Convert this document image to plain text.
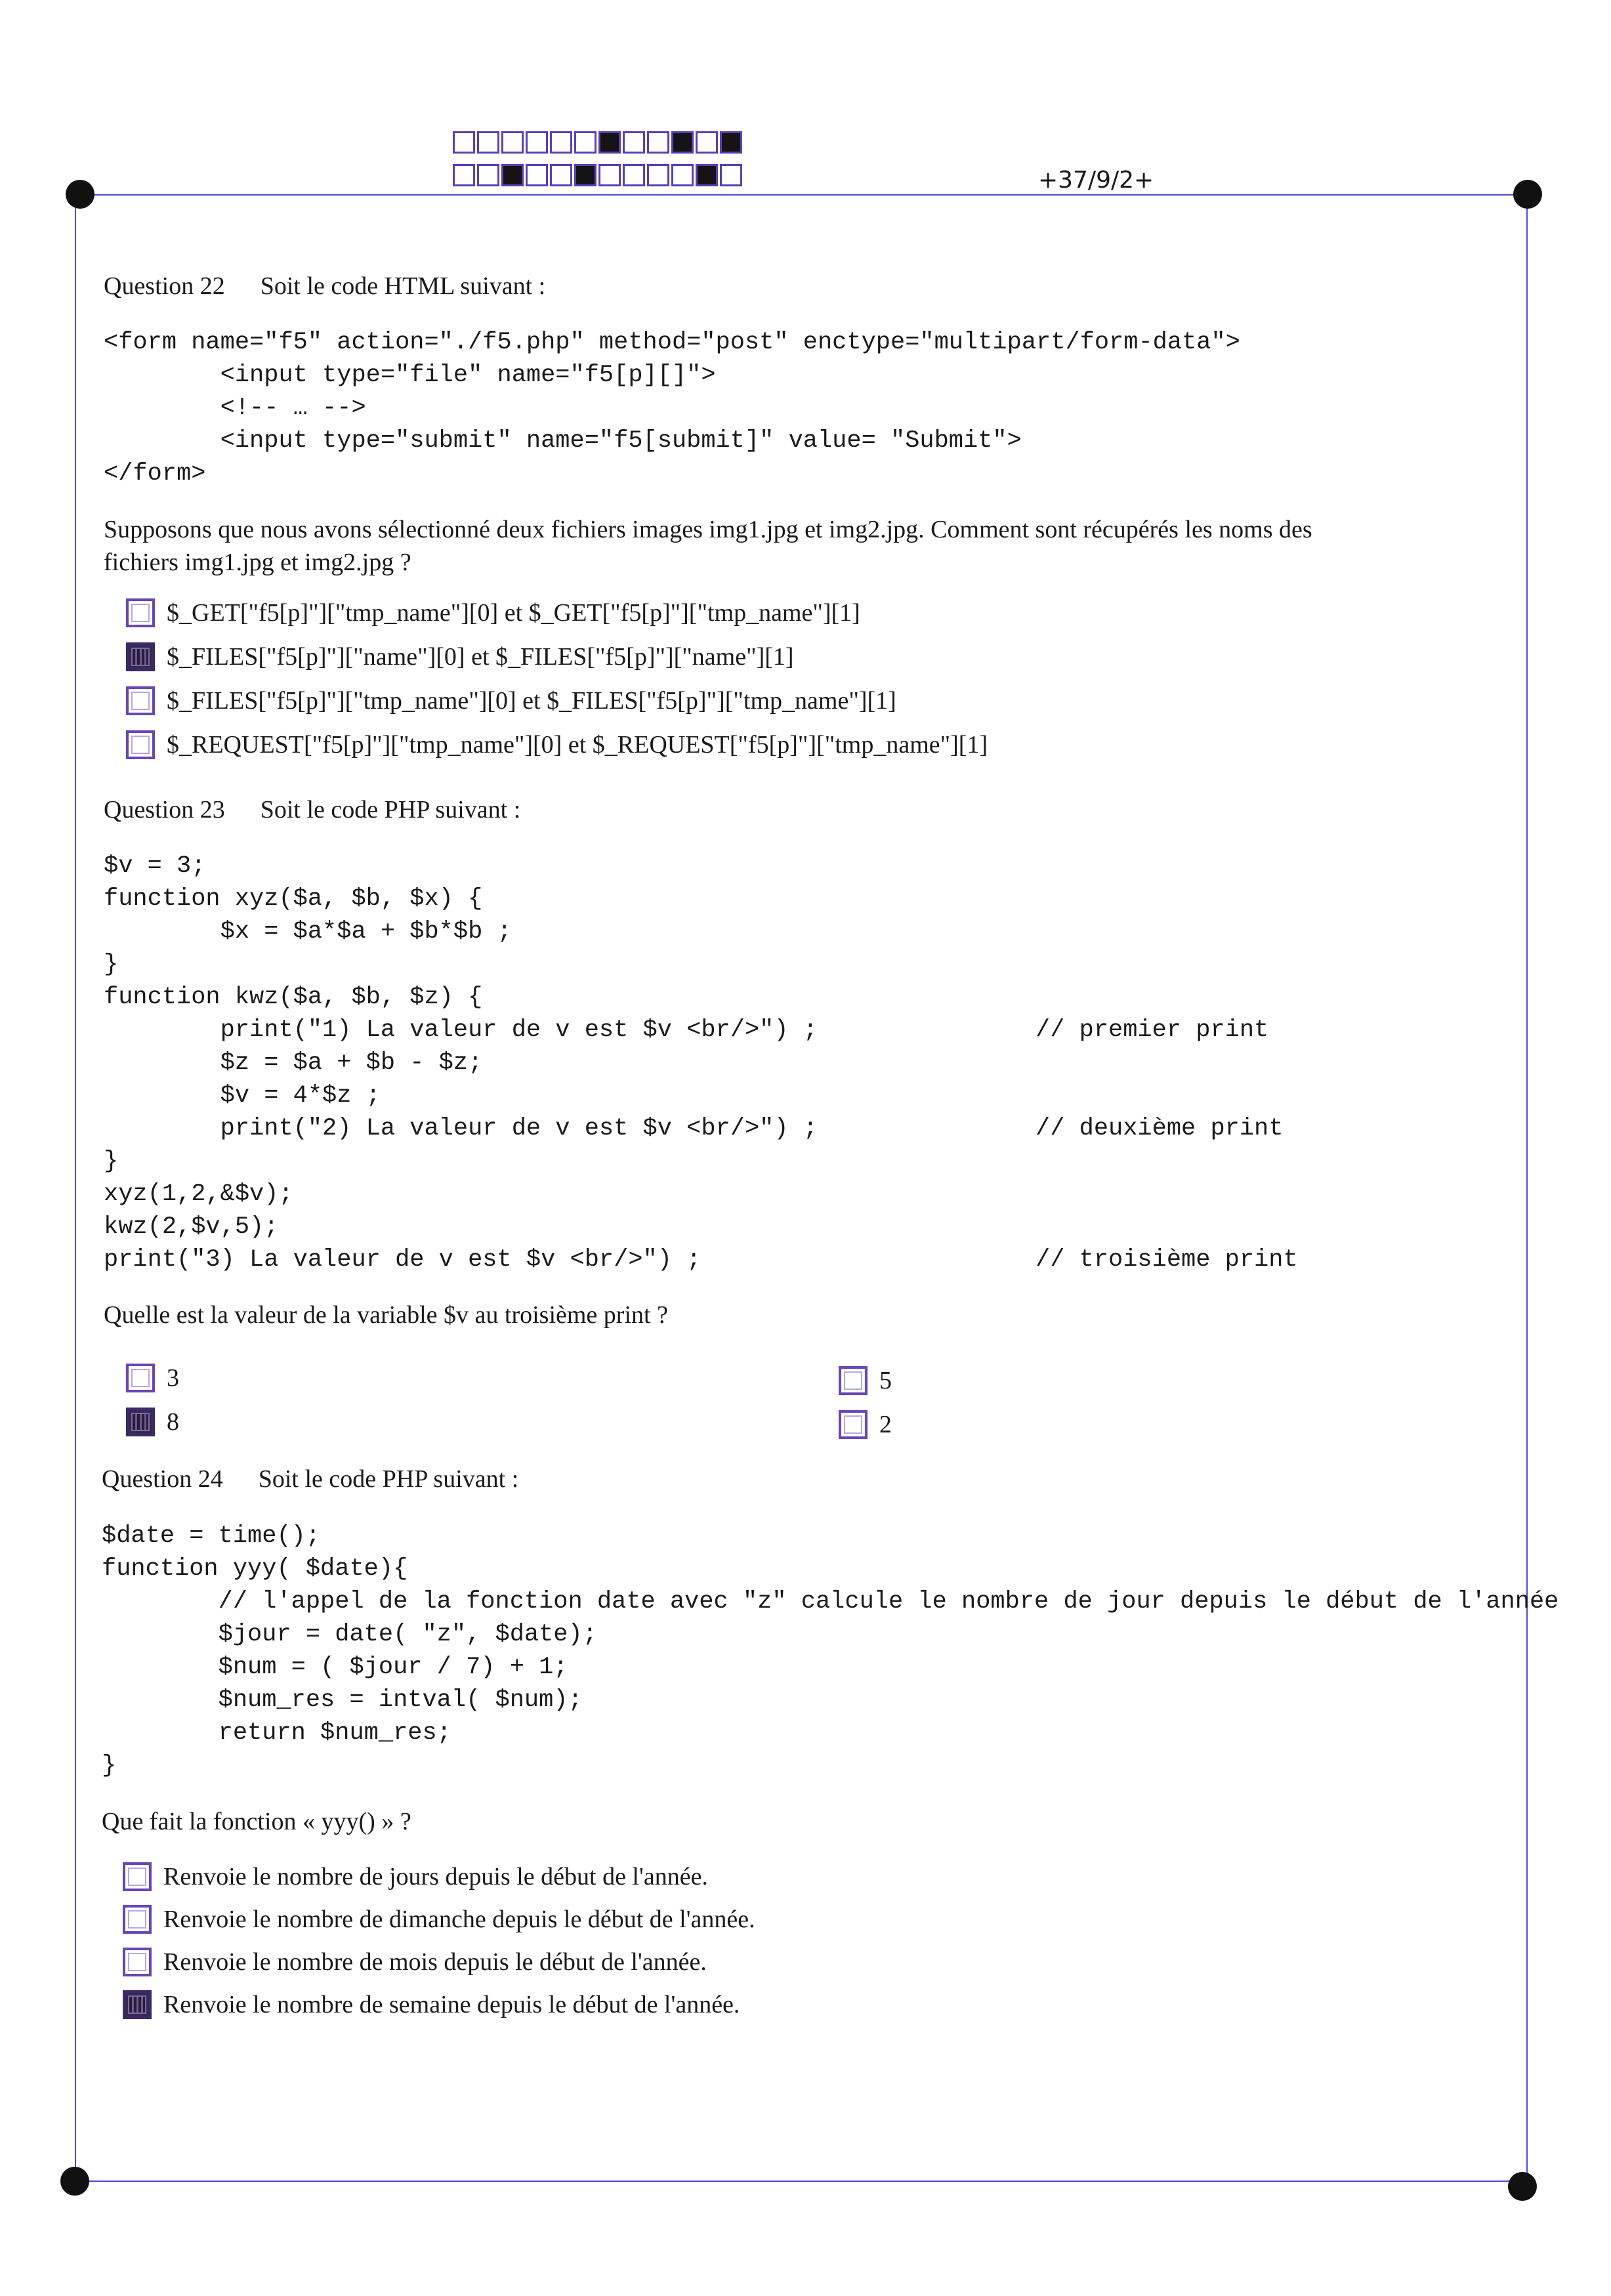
+37/9/2+
Question 22 Soit le code HTML suivant :
<form name="f5" action="./f5.php" method="post" enctype="multipart/form-data">
<input type="file" name="f5[p][]">
<!-- … -->
<input type="submit" name="f5[submit]" value= "Submit">
</form>
Supposons que nous avons sélectionné deux fichiers images img1.jpg et img2.jpg. Comment sont récupérés les noms des
fichiers img1.jpg et img2.jpg ?
$_GET["f5[p]"]["tmp_name"][0] et $_GET["f5[p]"]["tmp_name"][1]
$_FILES["f5[p]"]["name"][0] et $_FILES["f5[p]"]["name"][1]
$_FILES["f5[p]"]["tmp_name"][0] et $_FILES["f5[p]"]["tmp_name"][1]
$_REQUEST["f5[p]"]["tmp_name"][0] et $_REQUEST["f5[p]"]["tmp_name"][1]
Question 23 Soit le code PHP suivant :
$v = 3;
function xyz($a, $b, $x) {
$x = $a*$a + $b*$b ;
}
function kwz($a, $b, $z) {
print("1) La valeur de v est $v <br/>") ;
$z = $a + $b - $z;
$v = 4*$z ;
print("2) La valeur de v est $v <br/>") ;
}
xyz(1,2,&$v);
kwz(2,$v,5);
print("3) La valeur de v est $v <br/>") ;
// premier print
// deuxième print
// troisième print
Quelle est la valeur de la variable $v au troisième print ?
3	5
8	2
Question 24 Soit le code PHP suivant :
$date = time();
function yyy( $date){
// l'appel de la fonction date avec "z" calcule le nombre de jour depuis le début de l'année
$jour = date( "z", $date);
$num = ( $jour / 7) + 1;
$num_res = intval( $num);
return $num_res;
}
Que fait la fonction « yyy() » ?
Renvoie le nombre de jours depuis le début de l'année.
Renvoie le nombre de dimanche depuis le début de l'année.
Renvoie le nombre de mois depuis le début de l'année.
Renvoie le nombre de semaine depuis le début de l'année.
